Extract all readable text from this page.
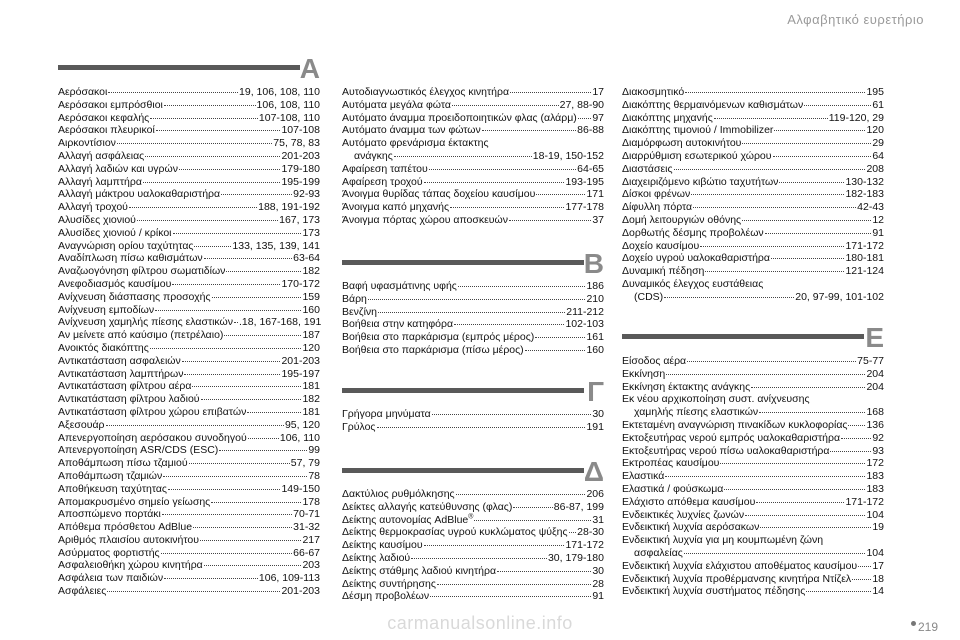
Αλφαβητικό ευρετήριο
A
Αερόσακοι	19, 106, 108, 110
Αερόσακοι εμπρόσθιοι	106, 108, 110
Αερόσακοι κεφαλής	107-108, 110
Αερόσακοι πλευρικοί	107-108
Αιρκοντίσιον	75, 78, 83
Αλλαγή ασφάλειας	201-203
Αλλαγή λαδιών και υγρών	179-180
Αλλαγή λαμπτήρα	195-199
Αλλαγή μάκτρου υαλοκαθαριστήρα	92-93
Αλλαγή τροχού	188, 191-192
Αλυσίδες χιονιού	167, 173
Αλυσίδες χιονιού / κρίκοι	173
Αναγνώριση ορίου ταχύτητας	133, 135, 139, 141
Αναδίπλωση πίσω καθισμάτων	63-64
Αναζωογόνηση φίλτρου σωματιδίων	182
Ανεφοδιασμός καυσίμου	170-172
Ανίχνευση διάσπασης προσοχής	159
Ανίχνευση εμποδίων	160
Ανίχνευση χαμηλής πίεσης ελαστικών .18, 167-168, 191
Αν μείνετε από καύσιμο (πετρέλαιο)	187
Ανοικτός διακόπτης	120
Αντικατάσταση ασφαλειών	201-203
Αντικατάσταση λαμπτήρων	195-197
Αντικατάσταση φίλτρου αέρα	181
Αντικατάσταση φίλτρου λαδιού	182
Αντικατάσταση φίλτρου χώρου επιβατών	181
Αξεσουάρ	95, 120
Απενεργοποίηση αερόσακου συνοδηγού	106, 110
Απενεργοποίηση ASR/CDS (ESC)	99
Αποθάμπωση πίσω τζαμιού	57, 79
Αποθάμπωση τζαμιών	78
Αποθήκευση ταχύτητας	149-150
Απομακρυσμένο σημείο γείωσης	178
Αποσπώμενο πορτάκι	70-71
Απόθεμα πρόσθετου AdBlue	31-32
Αριθμός πλαισίου αυτοκινήτου	217
Ασύρματος φορτιστής	66-67
Ασφαλειοθήκη χώρου κινητήρα	203
Ασφάλεια των παιδιών	106, 109-113
Ασφάλειες	201-203
Αυτοδιαγνωστικός έλεγχος κινητήρα	17
Αυτόματα μεγάλα φώτα	27, 88-90
Αυτόματο άναμμα προειδοποιητικών φλας (αλάρμ) 97
Αυτόματο άναμμα των φώτων	86-88
Αυτόματο φρενάρισμα έκτακτης
ανάγκης	18-19, 150-152
Αφαίρεση ταπέτου	64-65
Αφαίρεση τροχού	193-195
Άνοιγμα θυρίδας τάπας δοχείου καυσίμου	171
Άνοιγμα καπό μηχανής	177-178
Άνοιγμα πόρτας χώρου αποσκευών	37
B
Βαφή υφασμάτινης υφής	186
Βάρη	210
Βενζίνη	211-212
Βοήθεια στην κατηφόρα	102-103
Βοήθεια στο παρκάρισμα (εμπρός μέρος)	161
Βοήθεια στο παρκάρισμα (πίσω μέρος)	160
Γ
Γρήγορα μηνύματα	30
Γρύλος	191
Δ
Δακτύλιος ρυθμόλκησης	206
Δείκτες αλλαγής κατεύθυνσης (φλας)	86-87, 199
Δείκτης αυτονομίας AdBlue®	31
Δείκτης θερμοκρασίας υγρού κυκλώματος ψύξης 28-30
Δείκτης καυσίμου	171-172
Δείκτης λαδιού	30, 179-180
Δείκτης στάθμης λαδιού κινητήρα	30
Δείκτης συντήρησης	28
Δέσμη προβολέων	91
Διακοσμητικό	195
Διακόπτης θερμαινόμενων καθισμάτων	61
Διακόπτης μηχανής	119-120, 29
Διακόπτης τιμονιού / Immobilizer	120
Διαμόρφωση αυτοκινήτου	29
Διαρρύθμιση εσωτερικού χώρου	64
Διαστάσεις	208
Διαχειριζόμενο κιβώτιο ταχυτήτων	130-132
Δίσκοι φρένων	182-183
Δίφυλλη πόρτα	42-43
Δομή λειτουργιών οθόνης	12
Δορθωτής δέσμης προβολέων	91
Δοχείο καυσίμου	171-172
Δοχείο υγρού υαλοκαθαριστήρα	180-181
Δυναμική πέδηση	121-124
Δυναμικός έλεγχος ευστάθειας
(CDS)	20, 97-99, 101-102
E
Είσοδος αέρα	75-77
Εκκίνηση	204
Εκκίνηση έκτακτης ανάγκης	204
Εκ νέου αρχικοποίηση συστ. ανίχνευσης
χαμηλής πίεσης ελαστικών	168
Εκτεταμένη αναγνώριση πινακίδων κυκλοφορίας 136
Εκτοξευτήρας νερού εμπρός υαλοκαθαριστήρα	92
Εκτοξευτήρας νερού πίσω υαλοκαθαριστήρα	93
Εκτροπέας καυσίμου	172
Ελαστικά	183
Ελαστικά / φούσκωμα	183
Ελάχιστο απόθεμα καυσίμου	171-172
Ενδεικτικές λυχνίες ζωνών	104
Ενδεικτική λυχνία αερόσακων	19
Ενδεικτική λυχνία για μη κουμπωμένη ζώνη
ασφαλείας	104
Ενδεικτική λυχνία ελάχιστου αποθέματος καυσίμου 17
Ενδεικτική λυχνία προθέρμανσης κινητήρα Ντίζελ 18
Ενδεικτική λυχνία συστήματος πέδησης	14
carmanualsonline.info	219
